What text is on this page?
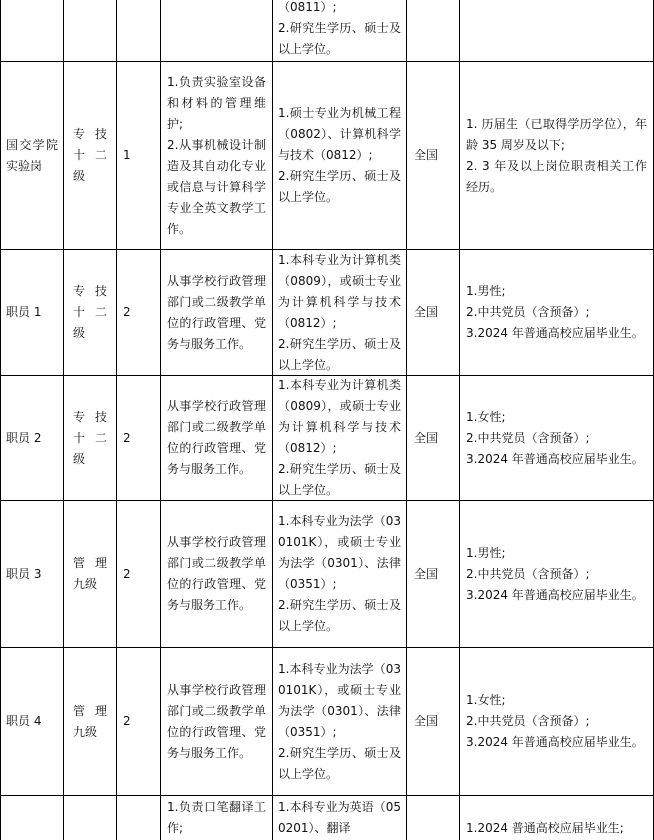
（0811）;
2.研究生学历、硕士及以上学位。
国交学院实验岗
专技十二级
1
1.负责实验室设备和材料的管理维护;
2.从事机械设计制造及其自动化专业或信息与计算科学专业全英文教学工作。
1.硕士专业为机械工程（0802）、计算机科学与技术（0812）;
2.研究生学历、硕士及以上学位。
全国
1. 历届生（已取得学历学位），年龄 35 周岁及以下;
2. 3 年及以上岗位职责相关工作经历。
职员 1
专技十二级
2
从事学校行政管理部门或二级教学单位的行政管理、党务与服务工作。
1.本科专业为计算机类（0809），或硕士专业为计算机科学与技术（0812）;
2.研究生学历、硕士及以上学位。
全国
1.男性;
2.中共党员（含预备）;
3.2024 年普通高校应届毕业生。
职员 2
专技十二级
2
从事学校行政管理部门或二级教学单位的行政管理、党务与服务工作。
1.本科专业为计算机类（0809），或硕士专业为计算机科学与技术（0812）;
2.研究生学历、硕士及以上学位。
全国
1.女性;
2.中共党员（含预备）;
3.2024 年普通高校应届毕业生。
职员 3
管理九级
2
从事学校行政管理部门或二级教学单位的行政管理、党务与服务工作。
1.本科专业为法学（030101K），或硕士专业为法学（0301）、法律（0351）;
2.研究生学历、硕士及以上学位。
全国
1.男性;
2.中共党员（含预备）;
3.2024 年普通高校应届毕业生。
职员 4
管理九级
2
从事学校行政管理部门或二级教学单位的行政管理、党务与服务工作。
1.本科专业为法学（030101K），或硕士专业为法学（0301）、法律（0351）;
2.研究生学历、硕士及以上学位。
全国
1.女性;
2.中共党员（含预备）;
3.2024 年普通高校应届毕业生。
1.负责口笔翻译工作;
1.本科专业为英语（050201）、翻译	1.2024 普通高校应届毕业生;
